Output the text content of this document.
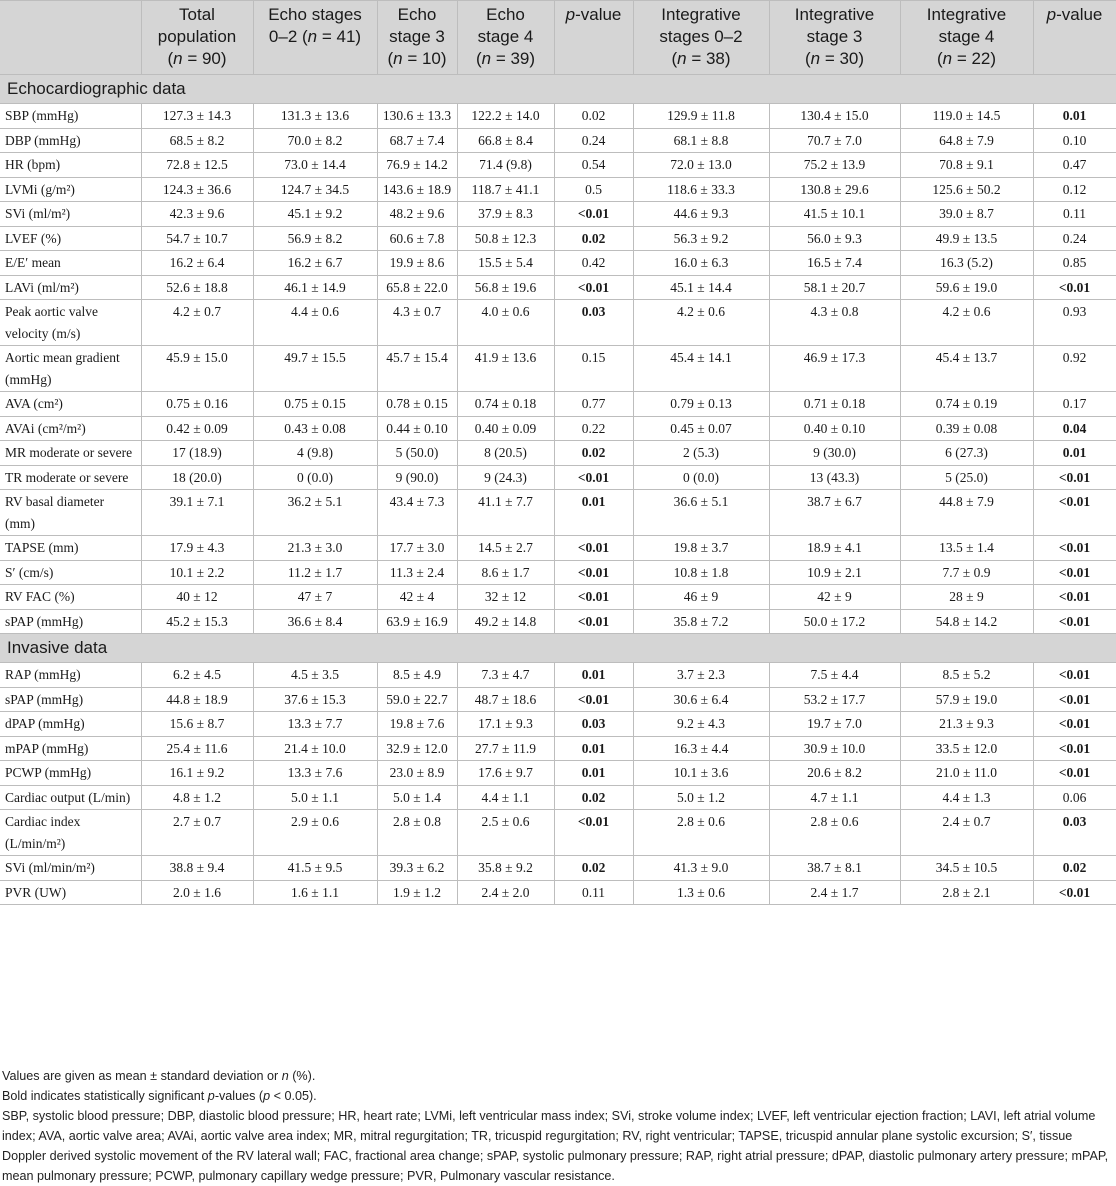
	Total
population
(n = 90)	Echo stages
0–2 (n = 41)	Echo
stage 3
(n = 10)	Echo
stage 4
(n = 39)	p-value	Integrative
stages 0–2
(n = 38)	Integrative
stage 3
(n = 30)	Integrative
stage 4
(n = 22)	p-value

Echocardiographic data									
SBP (mmHg)	127.3 ± 14.3	131.3 ± 13.6	130.6 ± 13.3	122.2 ± 14.0	0.02	129.9 ± 11.8	130.4 ± 15.0	119.0 ± 14.5	0.01
DBP (mmHg)	68.5 ± 8.2	70.0 ± 8.2	68.7 ± 7.4	66.8 ± 8.4	0.24	68.1 ± 8.8	70.7 ± 7.0	64.8 ± 7.9	0.10
HR (bpm)	72.8 ± 12.5	73.0 ± 14.4	76.9 ± 14.2	71.4 (9.8)	0.54	72.0 ± 13.0	75.2 ± 13.9	70.8 ± 9.1	0.47
LVMi (g/m²)	124.3 ± 36.6	124.7 ± 34.5	143.6 ± 18.9	118.7 ± 41.1	0.5	118.6 ± 33.3	130.8 ± 29.6	125.6 ± 50.2	0.12
SVi (ml/m²)	42.3 ± 9.6	45.1 ± 9.2	48.2 ± 9.6	37.9 ± 8.3	<0.01	44.6 ± 9.3	41.5 ± 10.1	39.0 ± 8.7	0.11
LVEF (%)	54.7 ± 10.7	56.9 ± 8.2	60.6 ± 7.8	50.8 ± 12.3	0.02	56.3 ± 9.2	56.0 ± 9.3	49.9 ± 13.5	0.24
E/E′ mean	16.2 ± 6.4	16.2 ± 6.7	19.9 ± 8.6	15.5 ± 5.4	0.42	16.0 ± 6.3	16.5 ± 7.4	16.3 (5.2)	0.85
LAVi (ml/m²)	52.6 ± 18.8	46.1 ± 14.9	65.8 ± 22.0	56.8 ± 19.6	<0.01	45.1 ± 14.4	58.1 ± 20.7	59.6 ± 19.0	<0.01
Peak aortic valve velocity (m/s)	4.2 ± 0.7	4.4 ± 0.6	4.3 ± 0.7	4.0 ± 0.6	0.03	4.2 ± 0.6	4.3 ± 0.8	4.2 ± 0.6	0.93
Aortic mean gradient (mmHg)	45.9 ± 15.0	49.7 ± 15.5	45.7 ± 15.4	41.9 ± 13.6	0.15	45.4 ± 14.1	46.9 ± 17.3	45.4 ± 13.7	0.92
AVA (cm²)	0.75 ± 0.16	0.75 ± 0.15	0.78 ± 0.15	0.74 ± 0.18	0.77	0.79 ± 0.13	0.71 ± 0.18	0.74 ± 0.19	0.17
AVAi (cm²/m²)	0.42 ± 0.09	0.43 ± 0.08	0.44 ± 0.10	0.40 ± 0.09	0.22	0.45 ± 0.07	0.40 ± 0.10	0.39 ± 0.08	0.04
MR moderate or severe	17 (18.9)	4 (9.8)	5 (50.0)	8 (20.5)	0.02	2 (5.3)	9 (30.0)	6 (27.3)	0.01
TR moderate or severe	18 (20.0)	0 (0.0)	9 (90.0)	9 (24.3)	<0.01	0 (0.0)	13 (43.3)	5 (25.0)	<0.01
RV basal diameter (mm)	39.1 ± 7.1	36.2 ± 5.1	43.4 ± 7.3	41.1 ± 7.7	0.01	36.6 ± 5.1	38.7 ± 6.7	44.8 ± 7.9	<0.01
TAPSE (mm)	17.9 ± 4.3	21.3 ± 3.0	17.7 ± 3.0	14.5 ± 2.7	<0.01	19.8 ± 3.7	18.9 ± 4.1	13.5 ± 1.4	<0.01
S′ (cm/s)	10.1 ± 2.2	11.2 ± 1.7	11.3 ± 2.4	8.6 ± 1.7	<0.01	10.8 ± 1.8	10.9 ± 2.1	7.7 ± 0.9	<0.01
RV FAC (%)	40 ± 12	47 ± 7	42 ± 4	32 ± 12	<0.01	46 ± 9	42 ± 9	28 ± 9	<0.01
sPAP (mmHg)	45.2 ± 15.3	36.6 ± 8.4	63.9 ± 16.9	49.2 ± 14.8	<0.01	35.8 ± 7.2	50.0 ± 17.2	54.8 ± 14.2	<0.01
Invasive data									
RAP (mmHg)	6.2 ± 4.5	4.5 ± 3.5	8.5 ± 4.9	7.3 ± 4.7	0.01	3.7 ± 2.3	7.5 ± 4.4	8.5 ± 5.2	<0.01
sPAP (mmHg)	44.8 ± 18.9	37.6 ± 15.3	59.0 ± 22.7	48.7 ± 18.6	<0.01	30.6 ± 6.4	53.2 ± 17.7	57.9 ± 19.0	<0.01
dPAP (mmHg)	15.6 ± 8.7	13.3 ± 7.7	19.8 ± 7.6	17.1 ± 9.3	0.03	9.2 ± 4.3	19.7 ± 7.0	21.3 ± 9.3	<0.01
mPAP (mmHg)	25.4 ± 11.6	21.4 ± 10.0	32.9 ± 12.0	27.7 ± 11.9	0.01	16.3 ± 4.4	30.9 ± 10.0	33.5 ± 12.0	<0.01
PCWP (mmHg)	16.1 ± 9.2	13.3 ± 7.6	23.0 ± 8.9	17.6 ± 9.7	0.01	10.1 ± 3.6	20.6 ± 8.2	21.0 ± 11.0	<0.01
Cardiac output (L/min)	4.8 ± 1.2	5.0 ± 1.1	5.0 ± 1.4	4.4 ± 1.1	0.02	5.0 ± 1.2	4.7 ± 1.1	4.4 ± 1.3	0.06
Cardiac index (L/min/m²)	2.7 ± 0.7	2.9 ± 0.6	2.8 ± 0.8	2.5 ± 0.6	<0.01	2.8 ± 0.6	2.8 ± 0.6	2.4 ± 0.7	0.03
SVi (ml/min/m²)	38.8 ± 9.4	41.5 ± 9.5	39.3 ± 6.2	35.8 ± 9.2	0.02	41.3 ± 9.0	38.7 ± 8.1	34.5 ± 10.5	0.02
PVR (UW)	2.0 ± 1.6	1.6 ± 1.1	1.9 ± 1.2	2.4 ± 2.0	0.11	1.3 ± 0.6	2.4 ± 1.7	2.8 ± 2.1	<0.01

Values are given as mean ± standard deviation or n (%).

Bold indicates statistically significant p-values (p < 0.05).

SBP, systolic blood pressure; DBP, diastolic blood pressure; HR, heart rate; LVMi, left ventricular mass index; SVi, stroke volume index; LVEF, left ventricular ejection fraction; LAVI, left atrial volume index; AVA, aortic valve area; AVAi, aortic valve area index; MR, mitral regurgitation; TR, tricuspid regurgitation; RV, right ventricular; TAPSE, tricuspid annular plane systolic excursion; S′, tissue Doppler derived systolic movement of the RV lateral wall; FAC, fractional area change; sPAP, systolic pulmonary pressure; RAP, right atrial pressure; dPAP, diastolic pulmonary artery pressure; mPAP, mean pulmonary pressure; PCWP, pulmonary capillary wedge pressure; PVR, Pulmonary vascular resistance.
